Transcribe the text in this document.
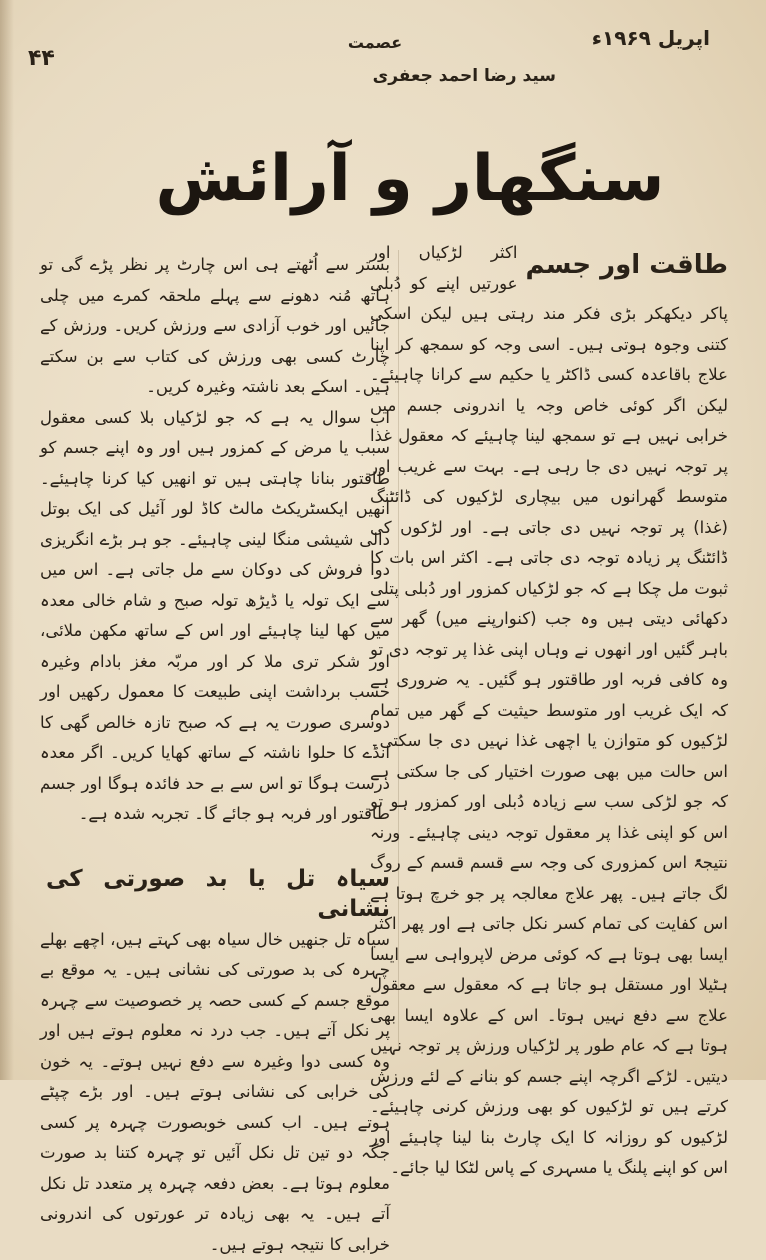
۴۴
عصمت	اپریل ۱۹۶۹ء
سید رضا احمد جعفری
سنگھار و آرائش
طاقت اور جسم

اکثر لڑکیاں اور عورتیں اپنے کو دُبلی پاکر دیکھکر بڑی فکر مند رہتی ہیں لیکن اسکی کتنی وجوہ ہوتی ہیں۔ اسی وجہ کو سمجھ کر اپنا علاج باقاعدہ کسی ڈاکٹر یا حکیم سے کرانا چاہیئے۔ لیکن اگر کوئی خاص وجہ یا اندرونی جسم میں خرابی نہیں ہے تو سمجھ لینا چاہیئے کہ معقول غذا پر توجہ نہیں دی جا رہی ہے۔ بہت سے غریب اور متوسط گھرانوں میں بیچاری لڑکیوں کی ڈائٹنگ (غذا) پر توجہ نہیں دی جاتی ہے۔ اور لڑکوں کی ڈائٹنگ پر زیادہ توجہ دی جاتی ہے۔ اکثر اس بات کا ثبوت مل چکا ہے کہ جو لڑکیاں کمزور اور دُبلی پتلی دکھائی دیتی ہیں وہ جب (کنوارپنے میں) گھر سے باہر گئیں اور انھوں نے وہاں اپنی غذا پر توجہ دی تو وہ کافی فربہ اور طاقتور ہو گئیں۔ یہ ضروری ہے کہ ایک غریب اور متوسط حیثیت کے گھر میں تمام لڑکیوں کو متوازن یا اچھی غذا نہیں دی جا سکتی۔ اس حالت میں بھی صورت اختیار کی جا سکتی ہے کہ جو لڑکی سب سے زیادہ دُبلی اور کمزور ہو تو اس کو اپنی غذا پر معقول توجہ دینی چاہیئے۔ ورنہ نتیجۃً اس کمزوری کی وجہ سے قسم قسم کے روگ لگ جاتے ہیں۔ پھر علاج معالجہ پر جو خرچ ہوتا ہے اس کفایت کی تمام کسر نکل جاتی ہے اور پھر اکثر ایسا بھی ہوتا ہے کہ کوئی مرض لاپرواہی سے ایسا ہٹیلا اور مستقل ہو جاتا ہے کہ معقول سے معقول علاج سے دفع نہیں ہوتا۔ اس کے علاوہ ایسا بھی ہوتا ہے کہ عام طور پر لڑکیاں ورزش پر توجہ نہیں دیتیں۔ لڑکے اگرچہ اپنے جسم کو بنانے کے لئے ورزش کرتے ہیں تو لڑکیوں کو بھی ورزش کرنی چاہیئے۔ لڑکیوں کو روزانہ کا ایک چارٹ بنا لینا چاہیئے اور اس کو اپنے پلنگ یا مسہری کے پاس لٹکا لیا جائے۔

بستر سے اُٹھتے ہی اس چارٹ پر نظر پڑے گی تو ہاتھ مُنہ دھونے سے پہلے ملحقہ کمرے میں چلی جائیں اور خوب آزادی سے ورزش کریں۔ ورزش کے چارٹ کسی بھی ورزش کی کتاب سے بن سکتے ہیں۔ اسکے بعد ناشتہ وغیرہ کریں۔

اب سوال یہ ہے کہ جو لڑکیاں بلا کسی معقول سبب یا مرض کے کمزور ہیں اور وہ اپنے جسم کو طاقتور بنانا چاہتی ہیں تو انھیں کیا کرنا چاہیئے۔ انھیں ایکسٹریکٹ مالٹ کاڈ لور آئیل کی ایک بوتل دالی شیشی منگا لینی چاہیئے۔ جو ہر بڑے انگریزی دوا فروش کی دوکان سے مل جاتی ہے۔ اس میں سے ایک تولہ یا ڈیڑھ تولہ صبح و شام خالی معدہ میں کھا لینا چاہیئے اور اس کے ساتھ مکھن ملائی، اور شکر تری ملا کر اور مربّہ مغز بادام وغیرہ حسب برداشت اپنی طبیعت کا معمول رکھیں اور دوسری صورت یہ ہے کہ صبح تازہ خالص گھی کا انڈے کا حلوا ناشتہ کے ساتھ کھایا کریں۔ اگر معدہ درست ہوگا تو اس سے بے حد فائدہ ہوگا اور جسم طاقتور اور فربہ ہو جائے گا۔ تجربہ شدہ ہے۔

سیاہ تل یا بد صورتی کی نشانی

سیاہ تل جنھیں خال سیاہ بھی کہتے ہیں، اچھے بھلے چہرہ کی بد صورتی کی نشانی ہیں۔ یہ موقع بے موقع جسم کے کسی حصہ پر خصوصیت سے چہرہ پر نکل آتے ہیں۔ جب درد نہ معلوم ہوتے ہیں اور وہ کسی دوا وغیرہ سے دفع نہیں ہوتے۔ یہ خون کی خرابی کی نشانی ہوتے ہیں۔ اور بڑے چپٹے ہوتے ہیں۔ اب کسی خوبصورت چہرہ پر کسی جگہ دو تین تل نکل آئیں تو چہرہ کتنا بد صورت معلوم ہوتا ہے۔ بعض دفعہ چہرہ پر متعدد تل نکل آتے ہیں۔ یہ بھی زیادہ تر عورتوں کی اندرونی خرابی کا نتیجہ ہوتے ہیں۔
